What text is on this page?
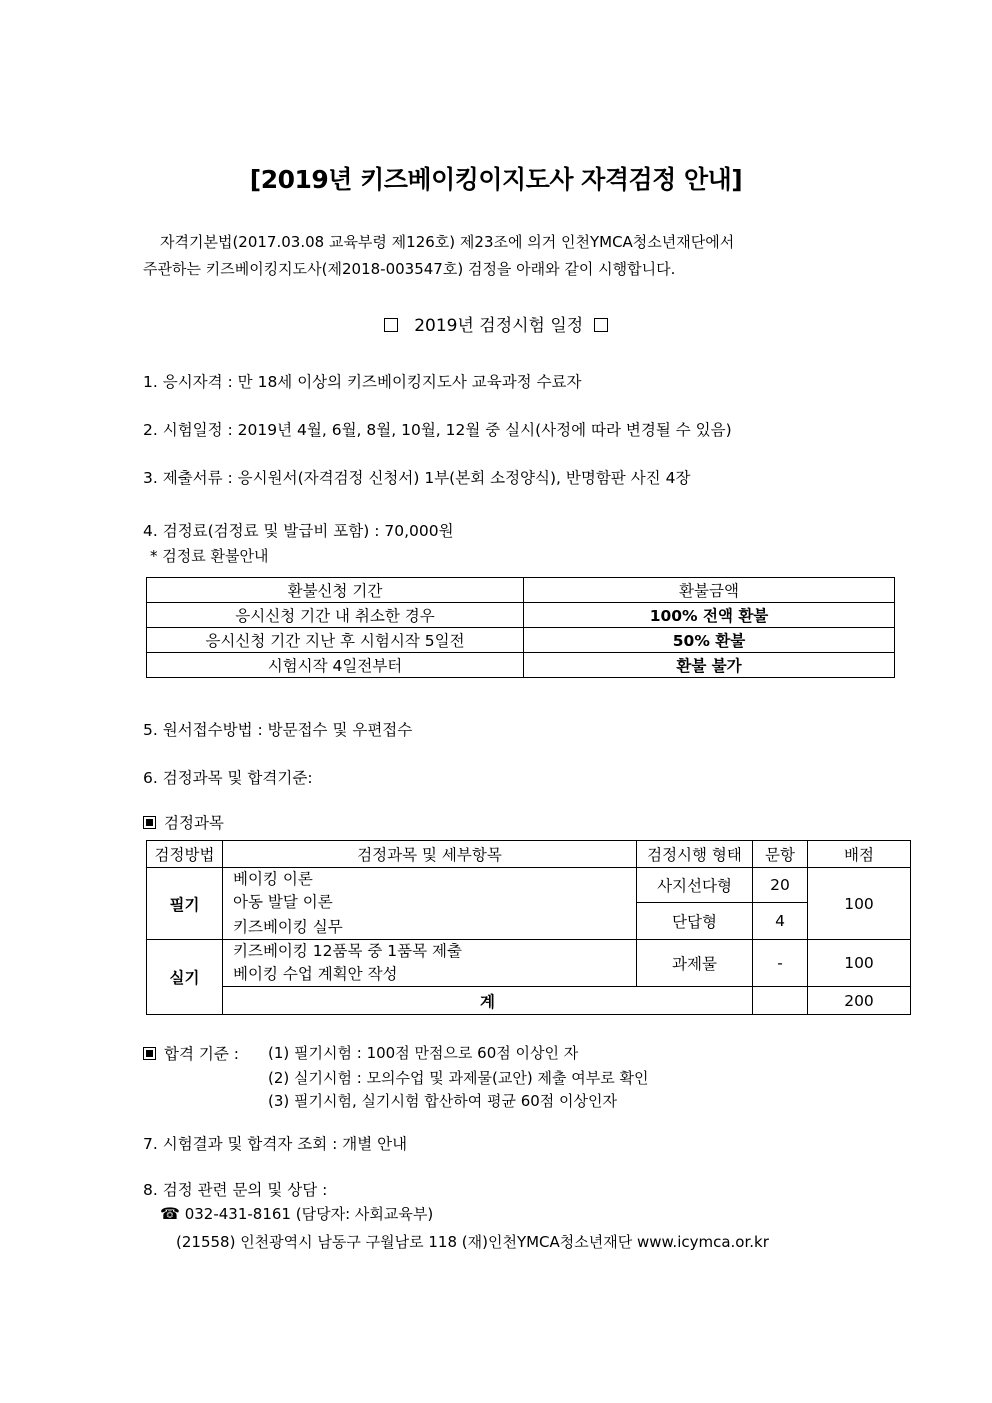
[2019년 키즈베이킹이지도사 자격검정 안내]
자격기본법(2017.03.08 교육부령 제126호) 제23조에 의거 인천YMCA청소년재단에서
주관하는 키즈베이킹지도사(제2018-003547호) 검정을 아래와 같이 시행합니다.
2019년 검정시험 일정
1. 응시자격 : 만 18세 이상의 키즈베이킹지도사 교육과정 수료자
2. 시험일정 : 2019년 4월, 6월, 8월, 10월, 12월 중 실시(사정에 따라 변경될 수 있음)
3. 제출서류 : 응시원서(자격검정 신청서) 1부(본회 소정양식), 반명함판 사진 4장
4. 검정료(검정료 및 발급비 포함) : 70,000원
* 검정료 환불안내
환불신청 기간	환불금액
응시신청 기간 내 취소한 경우	100% 전액 환불
응시신청 기간 지난 후 시험시작 5일전	50% 환불
시험시작 4일전부터	환불 불가
5. 원서접수방법 : 방문접수 및 우편접수
6. 검정과목 및 합격기준:
검정과목
검정방법	검정과목 및 세부항목	검정시행 형태	문항	배점
필기	베이킹 이론
아동 발달 이론
키즈베이킹 실무	사지선다형	20	100
		단답형	4	
실기	키즈베이킹 12품목 중 1품목 제출
베이킹 수업 계획안 작성	과제물	-	100
	계			200
합격 기준 : (1) 필기시험 : 100점 만점으로 60점 이상인 자
(2) 실기시험 : 모의수업 및 과제물(교안) 제출 여부로 확인
(3) 필기시험, 실기시험 합산하여 평균 60점 이상인자
7. 시험결과 및 합격자 조회 : 개별 안내
8. 검정 관련 문의 및 상담 :
☎ 032-431-8161 (담당자: 사회교육부)
(21558) 인천광역시 남동구 구월남로 118 (재)인천YMCA청소년재단 www.icymca.or.kr
